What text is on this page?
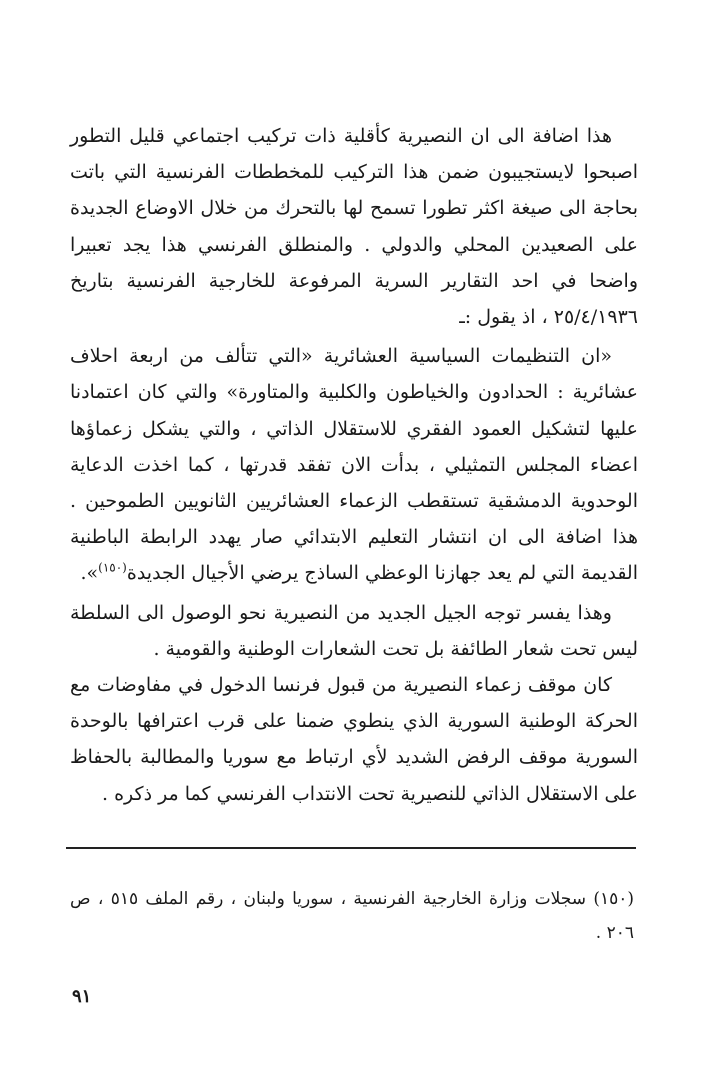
هذا اضافة الى ان النصيرية كأقلية ذات تركيب اجتماعي قليل التطور اصبحوا لايستجيبون ضمن هذا التركيب للمخططات الفرنسية التي باتت بحاجة الى صيغة اكثر تطورا تسمح لها بالتحرك من خلال الاوضاع الجديدة على الصعيدين المحلي والدولي . والمنطلق الفرنسي هذا يجد تعبيرا واضحا في احد التقارير السرية المرفوعة للخارجية الفرنسية بتاريخ ٢٥/٤/١٩٣٦ ، اذ يقول :ـ

«ان التنظيمات السياسية العشائرية «التي تتألف من اربعة احلاف عشائرية : الحدادون والخياطون والكلبية والمتاورة» والتي كان اعتمادنا عليها لتشكيل العمود الفقري للاستقلال الذاتي ، والتي يشكل زعماؤها اعضاء المجلس التمثيلي ، بدأت الان تفقد قدرتها ، كما اخذت الدعاية الوحدوية الدمشقية تستقطب الزعماء العشائريين الثانويين الطموحين . هذا اضافة الى ان انتشار التعليم الابتدائي صار يهدد الرابطة الباطنية القديمة التي لم يعد جهازنا الوعظي الساذج يرضي الأجيال الجديدة$^{(١٥٠)}$».

وهذا يفسر توجه الجيل الجديد من النصيرية نحو الوصول الى السلطة ليس تحت شعار الطائفة بل تحت الشعارات الوطنية والقومية .

كان موقف زعماء النصيرية من قبول فرنسا الدخول في مفاوضات مع الحركة الوطنية السورية الذي ينطوي ضمنا على قرب اعترافها بالوحدة السورية موقف الرفض الشديد لأي ارتباط مع سوريا والمطالبة بالحفاظ على الاستقلال الذاتي للنصيرية تحت الانتداب الفرنسي كما مر ذكره .

(١٥٠) سجلات وزارة الخارجية الفرنسية ، سوريا ولبنان ، رقم الملف ٥١٥ ، ص ٢٠٦ .
٩١
